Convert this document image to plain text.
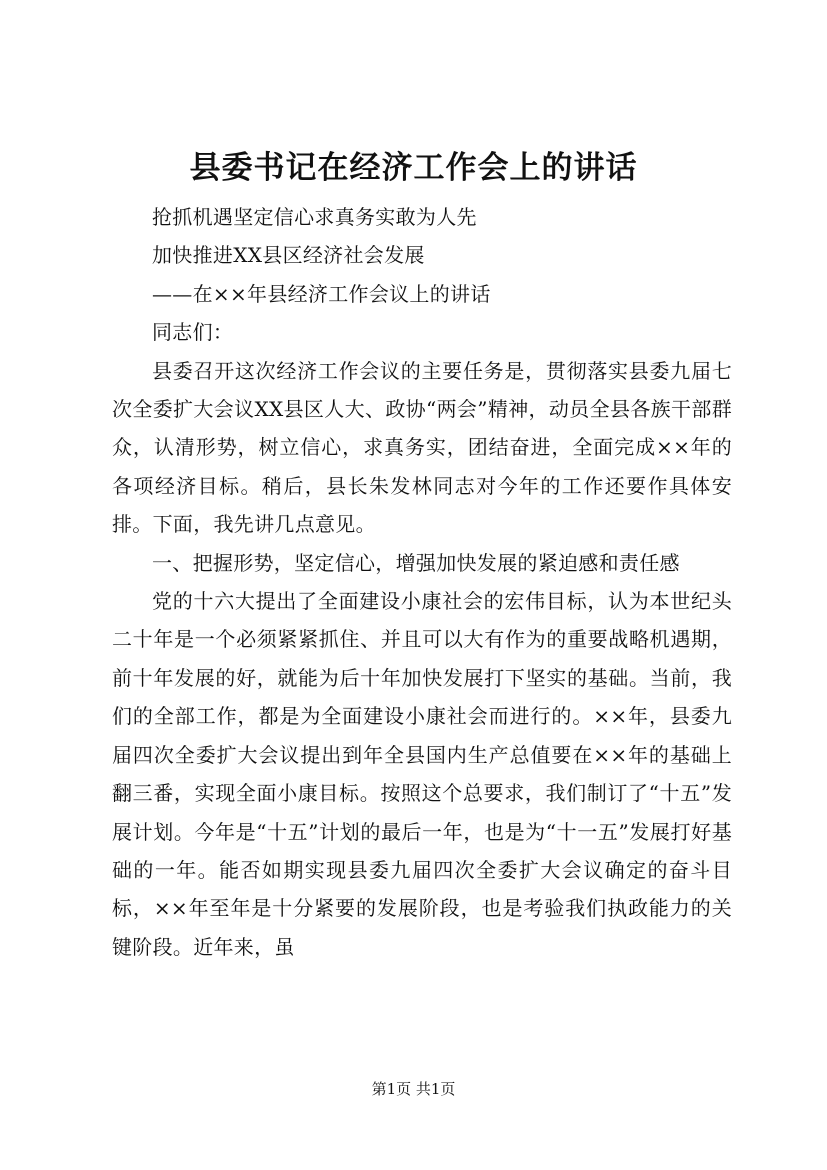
县委书记在经济工作会上的讲话

抢抓机遇坚定信心求真务实敢为人先

加快推进XX县区经济社会发展

——在××年县经济工作会议上的讲话

同志们：

县委召开这次经济工作会议的主要任务是，贯彻落实县委九届七次全委扩大会议XX县区人大、政协“两会”精神，动员全县各族干部群众，认清形势，树立信心，求真务实，团结奋进，全面完成××年的各项经济目标。稍后，县长朱发林同志对今年的工作还要作具体安排。下面，我先讲几点意见。

一、把握形势，坚定信心，增强加快发展的紧迫感和责任感

党的十六大提出了全面建设小康社会的宏伟目标，认为本世纪头二十年是一个必须紧紧抓住、并且可以大有作为的重要战略机遇期，前十年发展的好，就能为后十年加快发展打下坚实的基础。当前，我们的全部工作，都是为全面建设小康社会而进行的。××年，县委九届四次全委扩大会议提出到年全县国内生产总值要在××年的基础上翻三番，实现全面小康目标。按照这个总要求，我们制订了“十五”发展计划。今年是“十五”计划的最后一年，也是为“十一五”发展打好基础的一年。能否如期实现县委九届四次全委扩大会议确定的奋斗目标，××年至年是十分紧要的发展阶段，也是考验我们执政能力的关键阶段。近年来，虽

第1页 共1页
